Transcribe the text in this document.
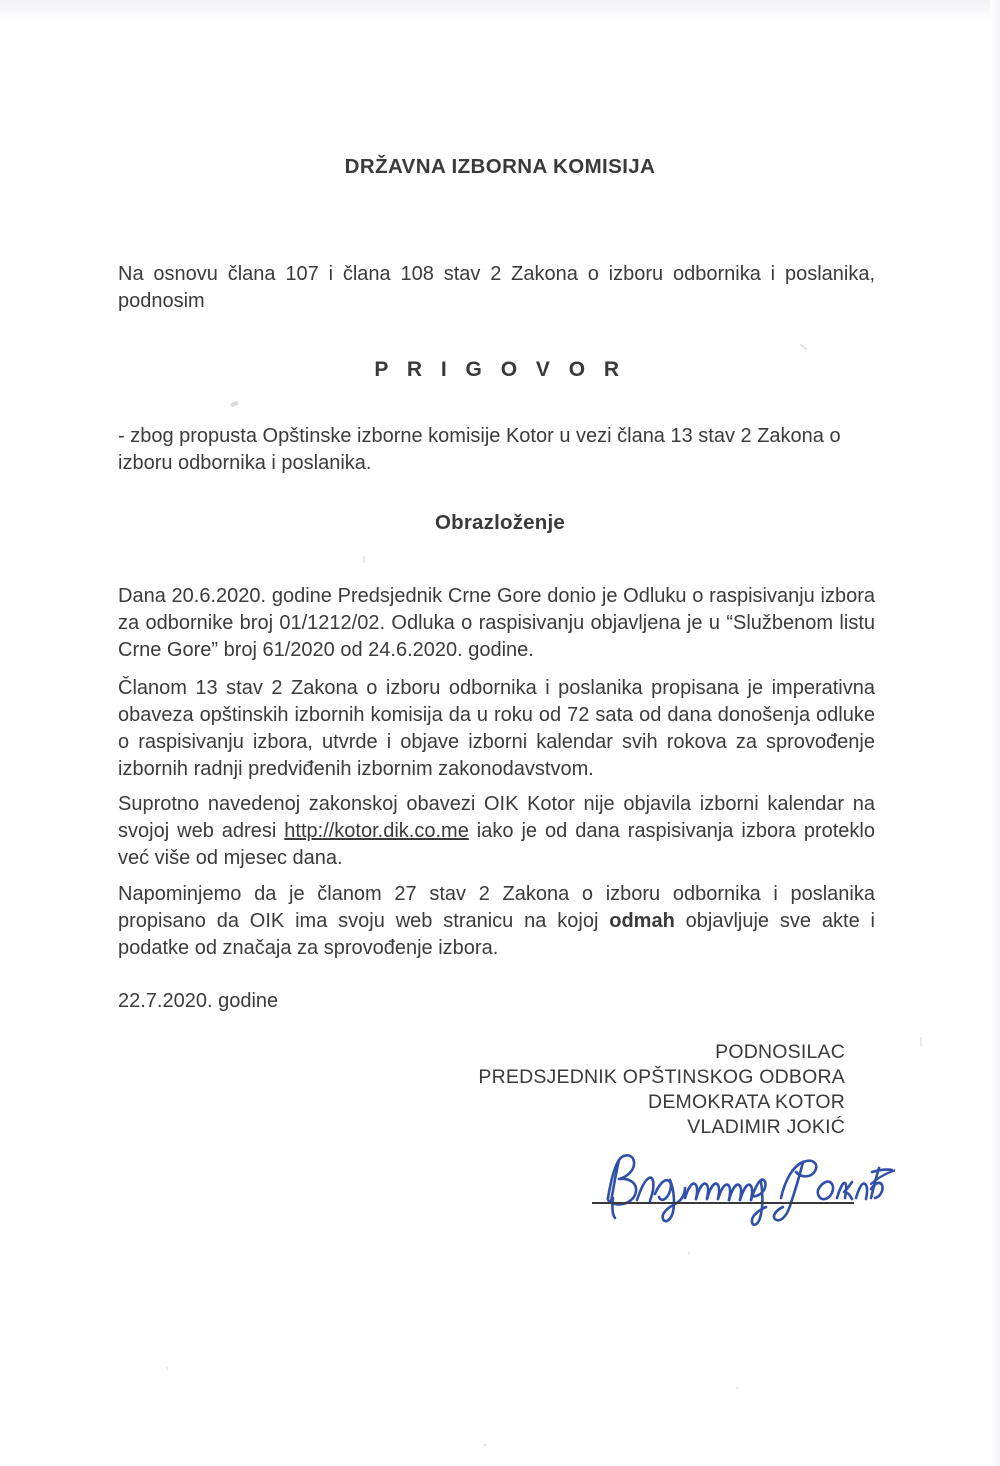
DRŽAVNA IZBORNA KOMISIJA

Na osnovu člana 107 i člana 108 stav 2 Zakona o izboru odbornika i poslanika, podnosim

P R I G O V O R

- zbog propusta Opštinske izborne komisije Kotor u vezi člana 13 stav 2 Zakona o izboru odbornika i poslanika.

Obrazloženje

Dana 20.6.2020. godine Predsjednik Crne Gore donio je Odluku o raspisivanju izbora za odbornike broj 01/1212/02. Odluka o raspisivanju objavljena je u “Službenom listu Crne Gore” broj 61/2020 od 24.6.2020. godine.

Članom 13 stav 2 Zakona o izboru odbornika i poslanika propisana je imperativna obaveza opštinskih izbornih komisija da u roku od 72 sata od dana donošenja odluke o raspisivanju izbora, utvrde i objave izborni kalendar svih rokova za sprovođenje izbornih radnji predviđenih izbornim zakonodavstvom.

Suprotno navedenoj zakonskoj obavezi OIK Kotor nije objavila izborni kalendar na svojoj web adresi http://kotor.dik.co.me iako je od dana raspisivanja izbora proteklo već više od mjesec dana.

Napominjemo da je članom 27 stav 2 Zakona o izboru odbornika i poslanika propisano da OIK ima svoju web stranicu na kojoj odmah objavljuje sve akte i podatke od značaja za sprovođenje izbora.

22.7.2020. godine
PODNOSILAC
PREDSJEDNIK OPŠTINSKOG ODBORA
DEMOKRATA KOTOR
VLADIMIR JOKIĆ
